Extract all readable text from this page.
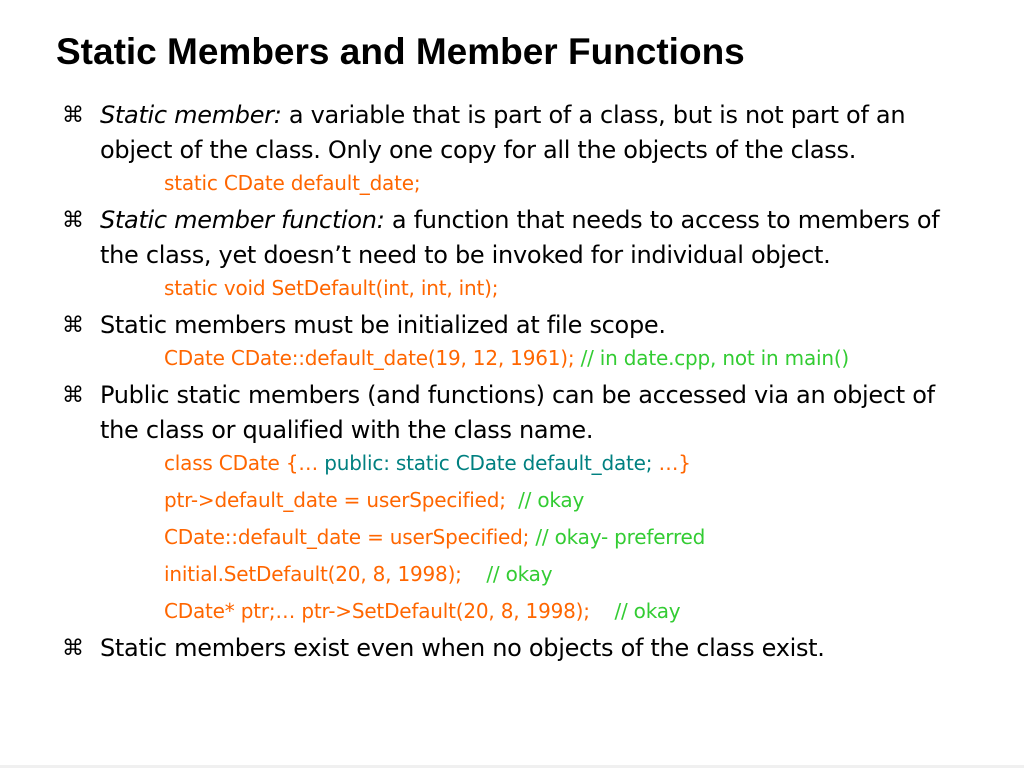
Static Members and Member Functions
⌘ Static member: a variable that is part of a class, but is not part of an object of the class. Only one copy for all the objects of the class.
static CDate default_date;
⌘ Static member function: a function that needs to access to members of the class, yet doesn’t need to be invoked for individual object.
static void SetDefault(int, int, int);
⌘ Static members must be initialized at file scope.
CDate CDate::default_date(19, 12, 1961); // in date.cpp, not in main()
⌘ Public static members (and functions) can be accessed via an object of the class or qualified with the class name.
class CDate {… public: static CDate default_date; …}
ptr->default_date = userSpecified;  // okay
CDate::default_date = userSpecified; // okay- preferred
initial.SetDefault(20, 8, 1998);    // okay
CDate* ptr;… ptr->SetDefault(20, 8, 1998);    // okay
⌘ Static members exist even when no objects of the class exist.
